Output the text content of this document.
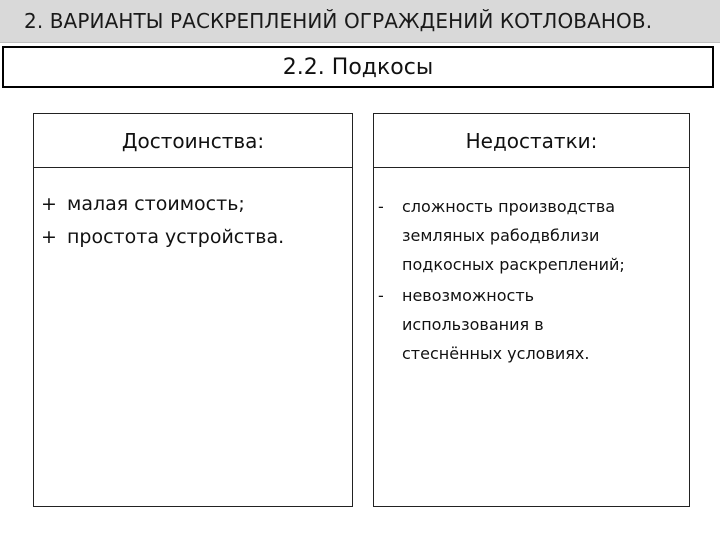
2. ВАРИАНТЫ РАСКРЕПЛЕНИЙ ОГРАЖДЕНИЙ КОТЛОВАНОВ.
2.2. Подкосы
Достоинства:
+ малая стоимость;
+ простота устройства.
Недостатки:
-	сложность производства
земляных рабодвблизи
подкосных раскреплений;
-	невозможность
использования в
стеснённых условиях.
